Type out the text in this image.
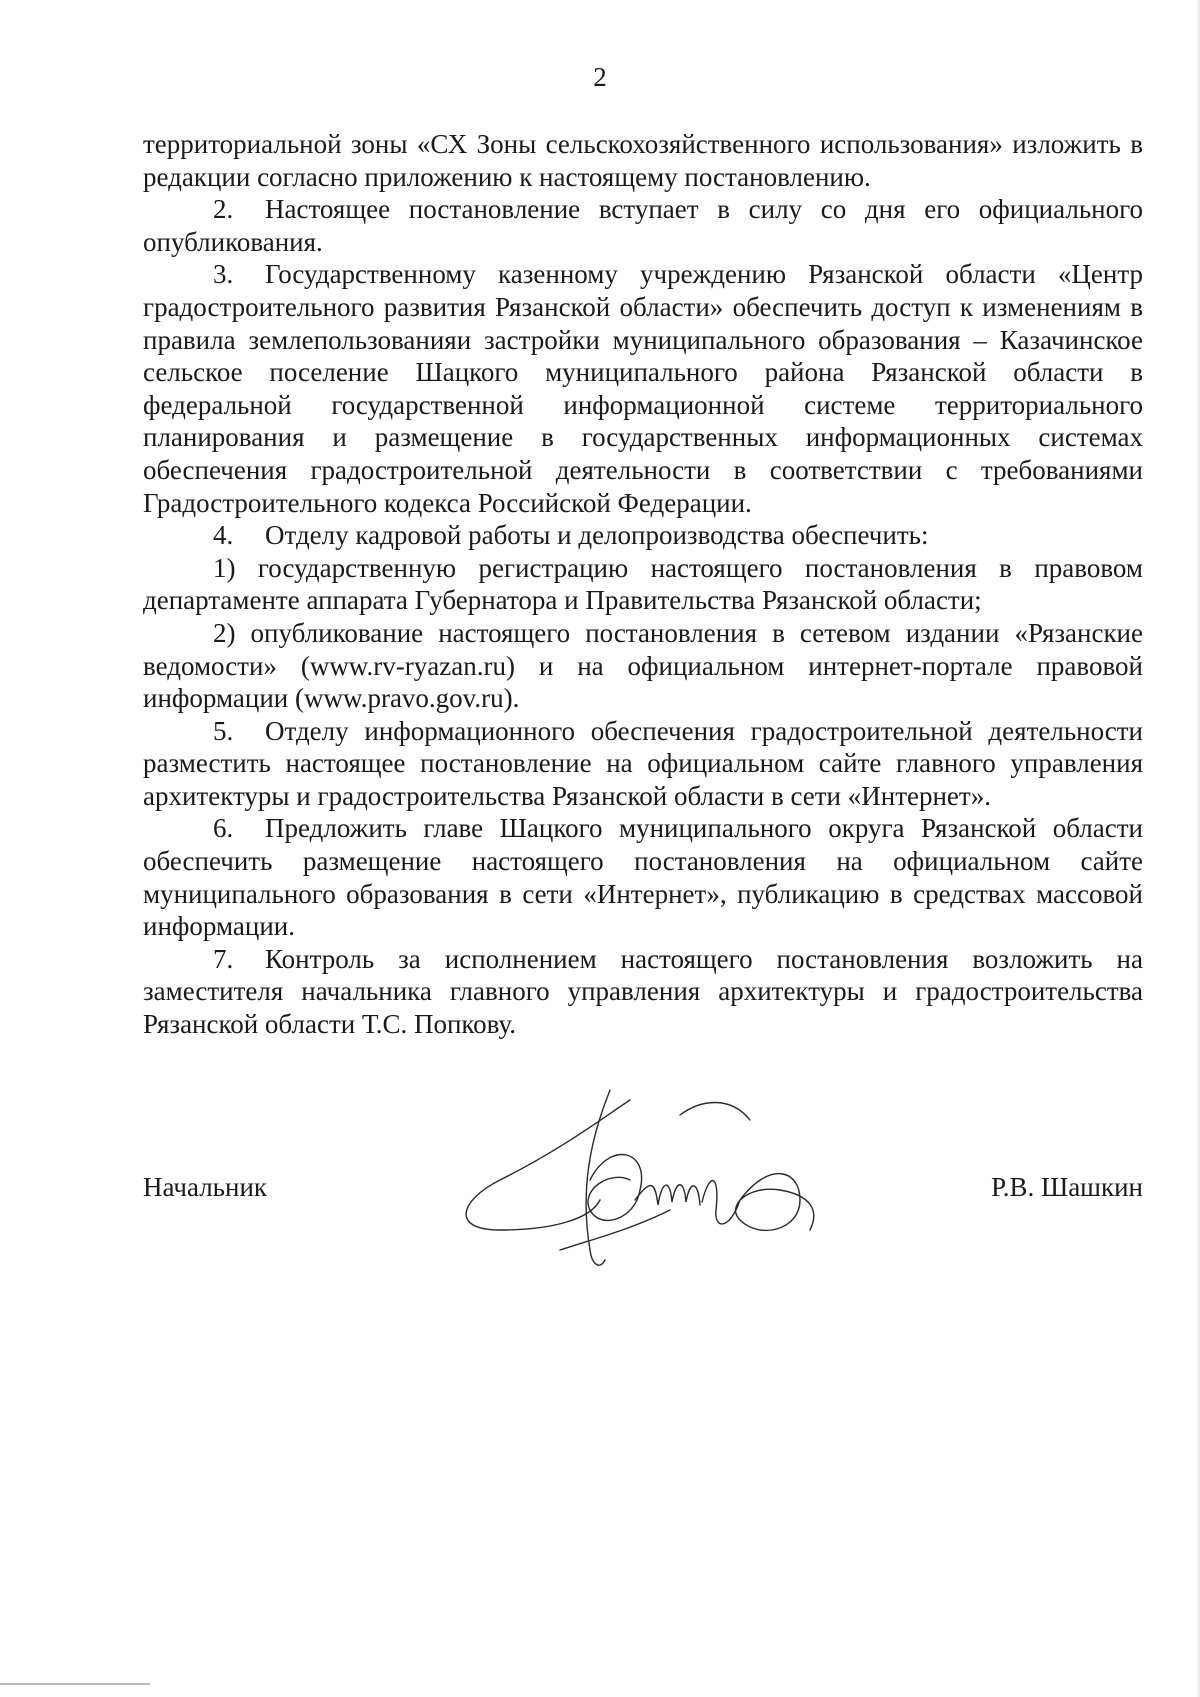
2

территориальной зоны «СХ Зоны сельскохозяйственного использования» изложить в редакции согласно приложению к настоящему постановлению.

2. Настоящее постановление вступает в силу со дня его официального опубликования.

3. Государственному казенному учреждению Рязанской области «Центр градостроительного развития Рязанской области» обеспечить доступ к изменениям в правила землепользованияи застройки муниципального образования – Казачинское сельское поселение Шацкого муниципального района Рязанской области в федеральной государственной информационной системе территориального планирования и размещение в государственных информационных системах обеспечения градостроительной деятельности в соответствии с требованиями Градостроительного кодекса Российской Федерации.

4. Отделу кадровой работы и делопроизводства обеспечить:

1) государственную регистрацию настоящего постановления в правовом департаменте аппарата Губернатора и Правительства Рязанской области;

2) опубликование настоящего постановления в сетевом издании «Рязанские ведомости» (www.rv-ryazan.ru) и на официальном интернет-портале правовой информации (www.pravo.gov.ru).

5. Отделу информационного обеспечения градостроительной деятельности разместить настоящее постановление на официальном сайте главного управления архитектуры и градостроительства Рязанской области в сети «Интернет».

6. Предложить главе Шацкого муниципального округа Рязанской области обеспечить размещение настоящего постановления на официальном сайте муниципального образования в сети «Интернет», публикацию в средствах массовой информации.

7. Контроль за исполнением настоящего постановления возложить на заместителя начальника главного управления архитектуры и градостроительства Рязанской области Т.С. Попкову.

Начальник	Р.В. Шашкин
